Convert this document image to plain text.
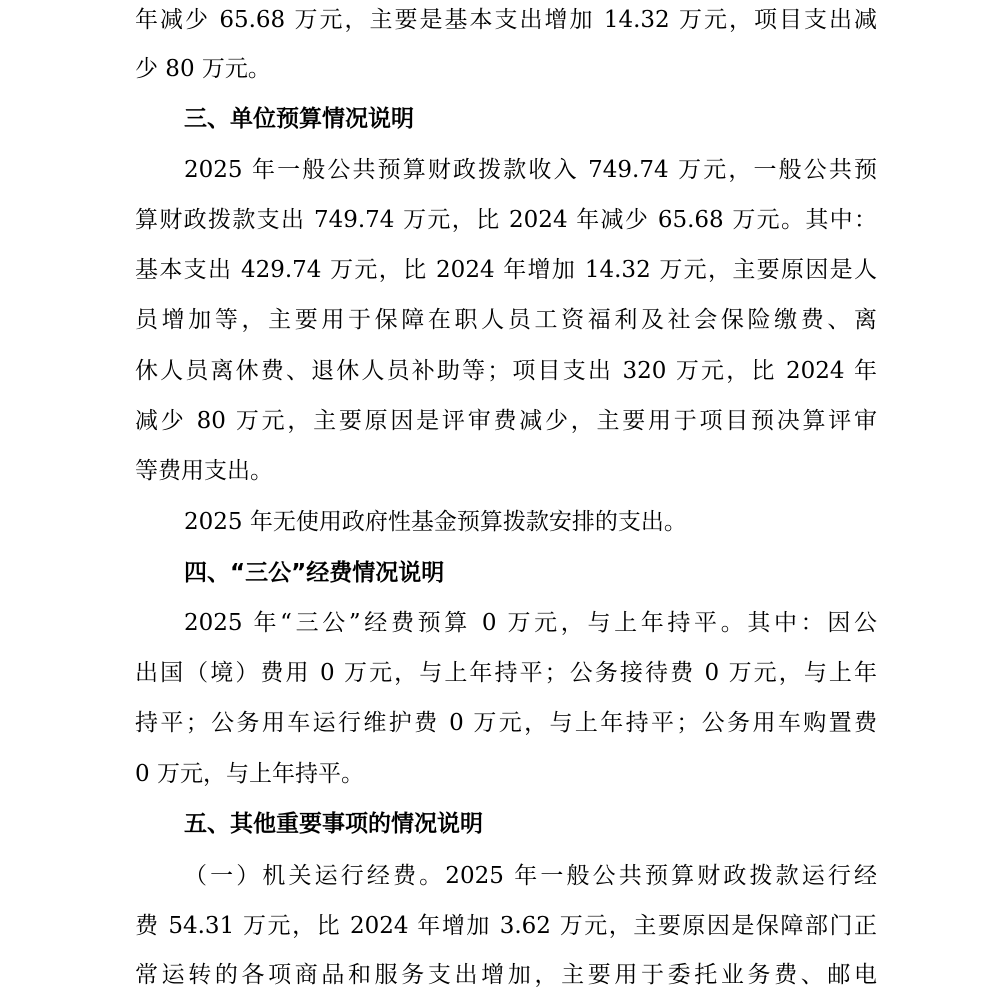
年减少 65.68 万元，主要是基本支出增加 14.32 万元，项目支出减
少 80 万元。
三、单位预算情况说明
2025 年一般公共预算财政拨款收入 749.74 万元，一般公共预
算财政拨款支出 749.74 万元，比 2024 年减少 65.68 万元。其中：
基本支出 429.74 万元，比 2024 年增加 14.32 万元，主要原因是人
员增加等，主要用于保障在职人员工资福利及社会保险缴费、离
休人员离休费、退休人员补助等；项目支出 320 万元，比 2024 年
减少 80 万元，主要原因是评审费减少，主要用于项目预决算评审
等费用支出。
2025 年无使用政府性基金预算拨款安排的支出。
四、“三公”经费情况说明
2025 年“三公”经费预算 0 万元，与上年持平。其中：因公
出国（境）费用 0 万元，与上年持平；公务接待费 0 万元，与上年
持平；公务用车运行维护费 0 万元，与上年持平；公务用车购置费
0 万元，与上年持平。
五、其他重要事项的情况说明
（一）机关运行经费。2025 年一般公共预算财政拨款运行经
费 54.31 万元，比 2024 年增加 3.62 万元，主要原因是保障部门正
常运转的各项商品和服务支出增加，主要用于委托业务费、邮电
